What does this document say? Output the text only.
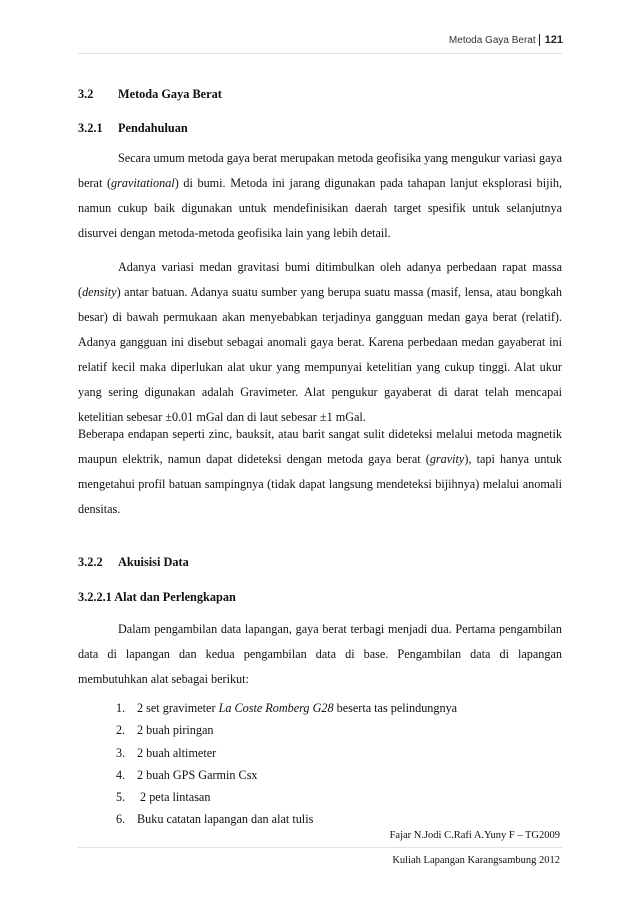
Metoda Gaya Berat 121
3.2 Metoda Gaya Berat
3.2.1 Pendahuluan
Secara umum metoda gaya berat merupakan metoda geofisika yang mengukur variasi gaya berat (gravitational) di bumi. Metoda ini jarang digunakan pada tahapan lanjut eksplorasi bijih, namun cukup baik digunakan untuk mendefinisikan daerah target spesifik untuk selanjutnya disurvei dengan metoda-metoda geofisika lain yang lebih detail.
Adanya variasi medan gravitasi bumi ditimbulkan oleh adanya perbedaan rapat massa (density) antar batuan. Adanya suatu sumber yang berupa suatu massa (masif, lensa, atau bongkah besar) di bawah permukaan akan menyebabkan terjadinya gangguan medan gaya berat (relatif). Adanya gangguan ini disebut sebagai anomali gaya berat. Karena perbedaan medan gayaberat ini relatif kecil maka diperlukan alat ukur yang mempunyai ketelitian yang cukup tinggi. Alat ukur yang sering digunakan adalah Gravimeter. Alat pengukur gayaberat di darat telah mencapai ketelitian sebesar ±0.01 mGal dan di laut sebesar ±1 mGal.
Beberapa endapan seperti zinc, bauksit, atau barit sangat sulit dideteksi melalui metoda magnetik maupun elektrik, namun dapat dideteksi dengan metoda gaya berat (gravity), tapi hanya untuk mengetahui profil batuan sampingnya (tidak dapat langsung mendeteksi bijihnya) melalui anomali densitas.
3.2.2 Akuisisi Data
3.2.2.1 Alat dan Perlengkapan
Dalam pengambilan data lapangan, gaya berat terbagi menjadi dua. Pertama pengambilan data di lapangan dan kedua pengambilan data di base. Pengambilan data di lapangan membutuhkan alat sebagai berikut:
1. 2 set gravimeter La Coste Romberg G28 beserta tas pelindungnya
2. 2 buah piringan
3. 2 buah altimeter
4. 2 buah GPS Garmin Csx
5. 2 peta lintasan
6. Buku catatan lapangan dan alat tulis
Fajar N.Jodi C.Rafi A.Yuny F – TG2009
Kuliah Lapangan Karangsambung 2012
